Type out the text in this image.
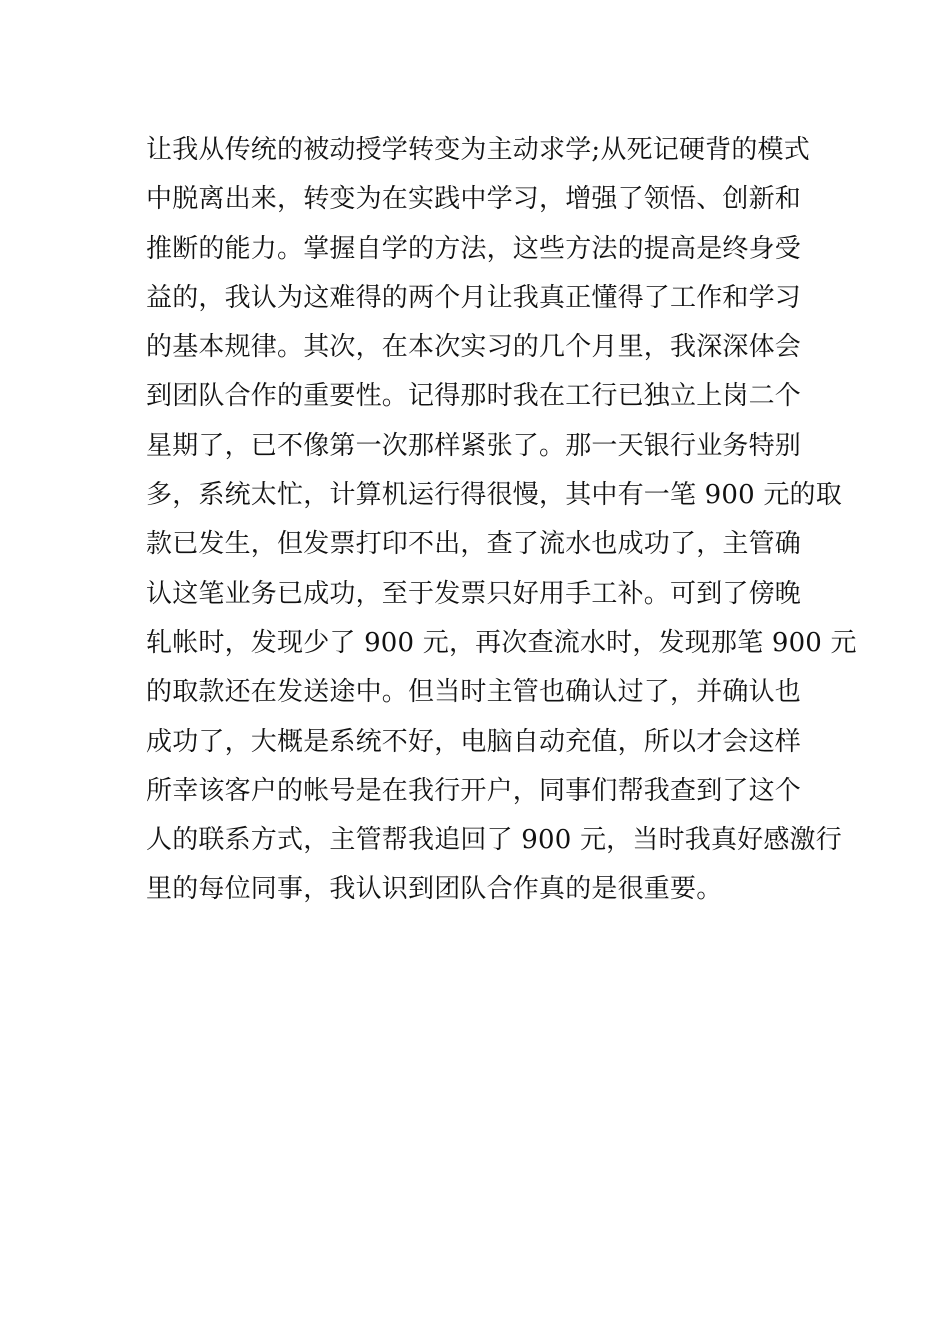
让我从传统的被动授学转变为主动求学;从死记硬背的模式
中脱离出来，转变为在实践中学习，增强了领悟、创新和
推断的能力。掌握自学的方法，这些方法的提高是终身受
益的，我认为这难得的两个月让我真正懂得了工作和学习
的基本规律。其次，在本次实习的几个月里，我深深体会
到团队合作的重要性。记得那时我在工行已独立上岗二个
星期了，已不像第一次那样紧张了。那一天银行业务特别
多，系统太忙，计算机运行得很慢，其中有一笔 900 元的取
款已发生，但发票打印不出，查了流水也成功了，主管确
认这笔业务已成功，至于发票只好用手工补。可到了傍晚
轧帐时，发现少了 900 元，再次查流水时，发现那笔 900 元
的取款还在发送途中。但当时主管也确认过了，并确认也
成功了，大概是系统不好，电脑自动充值，所以才会这样
所幸该客户的帐号是在我行开户，同事们帮我查到了这个
人的联系方式，主管帮我追回了 900 元，当时我真好感激行
里的每位同事，我认识到团队合作真的是很重要。
